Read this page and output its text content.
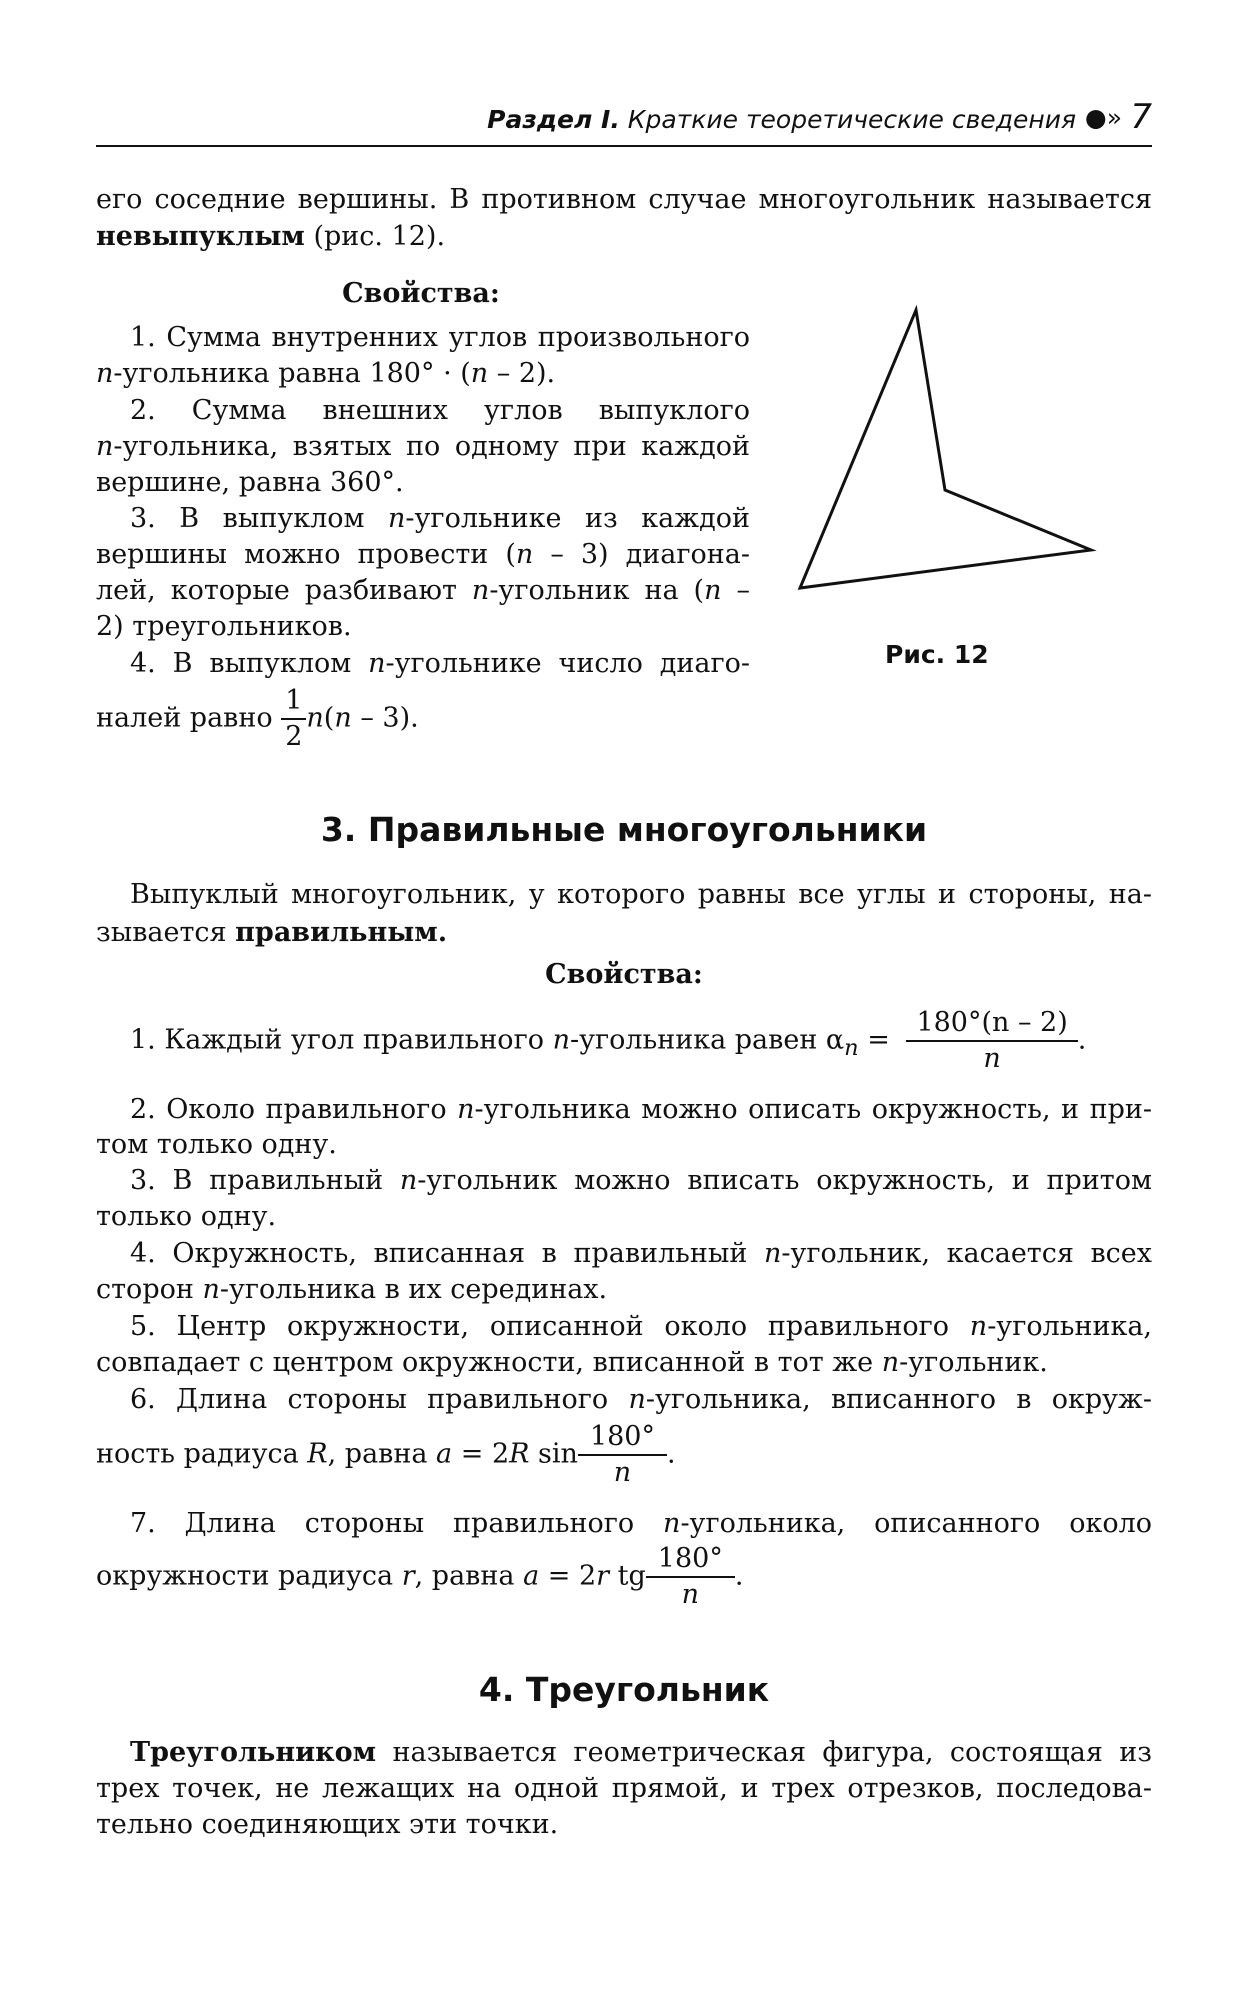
Раздел I. Краткие теоретические сведения ●» 7
его соседние вершины. В противном случае многоугольник называется
невыпуклым (рис. 12).
Свойства:
1. Сумма внутренних углов произвольного
n-угольника равна 180° · (n – 2).
2. Сумма внешних углов выпуклого
n-угольника, взятых по одному при каждой
вершине, равна 360°.
3. В выпуклом n-угольнике из каждой
вершины можно провести (n – 3) диагона-
лей, которые разбивают n-угольник на (n –
2) треугольников.
4. В выпуклом n-угольнике число диаго-
налей равно $\frac{1}{2} n(n - 3)$.
Рис. 12
3. Правильные многоугольники
Выпуклый многоугольник, у которого равны все углы и стороны, на-
зывается правильным.
Свойства:
1. Каждый угол правильного n-угольника равен $\alpha_n = \frac{180^\circ(n - 2)}{n}$ .
2. Около правильного n-угольника можно описать окружность, и при-
том только одну.
3. В правильный n-угольник можно вписать окружность, и притом
только одну.
4. Окружность, вписанная в правильный n-угольник, касается всех
сторон n-угольника в их серединах.
5. Центр окружности, описанной около правильного n-угольника,
совпадает с центром окружности, вписанной в тот же n-угольник.
6. Длина стороны правильного n-угольника, вписанного в окруж-
ность радиуса R, равна a = 2R $\sin \frac{180^\circ}{n}$ .
7. Длина стороны правильного n-угольника, описанного около
окружности радиуса r, равна a = 2r tg $\frac{180^\circ}{n}$ .
4. Треугольник
Треугольником называется геометрическая фигура, состоящая из
трех точек, не лежащих на одной прямой, и трех отрезков, последова-
тельно соединяющих эти точки.
